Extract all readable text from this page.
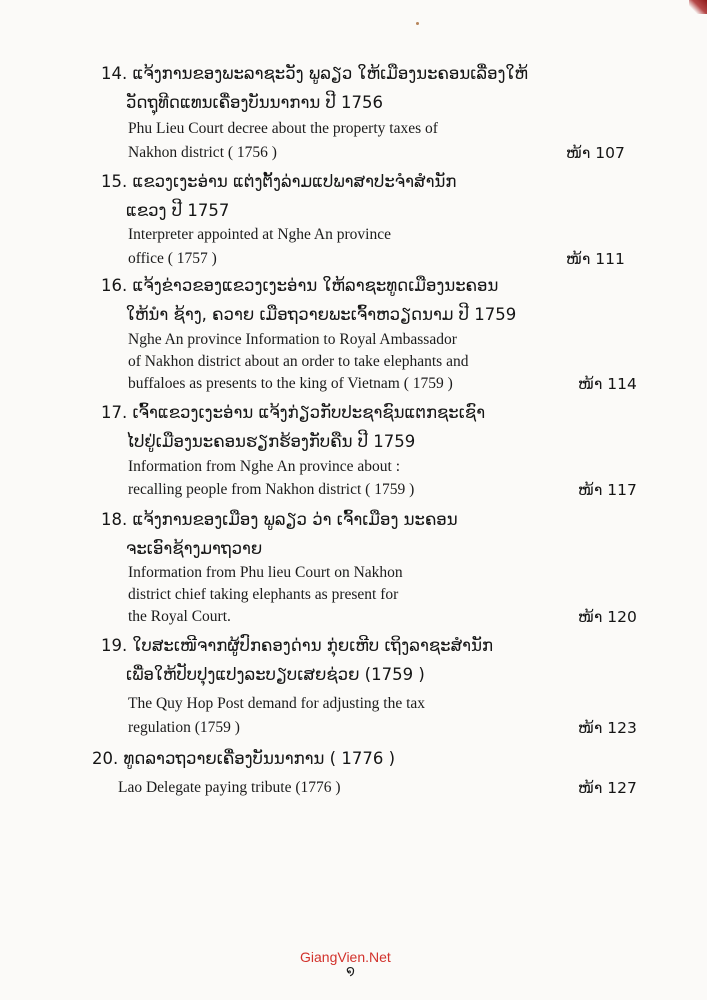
14. ແຈ້ງການຂອງພະລາຊະວັງ ພູລຽວ ໃຫ້ເມືອງນະຄອນເລື່ອງໃຫ້
ວັດຖຸທີດແທນເຄື່ອງບັນນາການ ປີ 1756
Phu Lieu Court decree about the property taxes of
Nakhon district ( 1756 )	ໜ້າ 107
15. ແຂວງເງະອ່ານ ແຕ່ງຕັ້ງລ່າມແປພາສາປະຈຳສຳນັກ
ແຂວງ ປີ 1757
Interpreter appointed at Nghe An province
office ( 1757 )	ໜ້າ 111
16. ແຈ້ງຂ່າວຂອງແຂວງເງະອ່ານ ໃຫ້ລາຊະທູດເມືອງນະຄອນ
ໃຫ້ນຳ ຊ້າງ, ຄວາຍ ເມືອຖວາຍພະເຈົ້າຫວຽດນາມ ປີ 1759
Nghe An province Information to Royal Ambassador
of Nakhon district about an order to take elephants and
buffaloes as presents to the king of Vietnam ( 1759 )	ໜ້າ 114
17. ເຈົ້າແຂວງເງະອ່ານ ແຈ້ງກ່ຽວກັບປະຊາຊົນແຕກຊະເຊົາ
ໄປຢູ່ເມືອງນະຄອນຮຽກຮ້ອງກັບຄືນ ປີ 1759
Information from Nghe An province about :
recalling people from Nakhon district ( 1759 )	ໜ້າ 117
18. ແຈ້ງການຂອງເມືອງ ພູລຽວ ວ່າ ເຈົ້າເມືອງ ນະຄອນ
ຈະເອົາຊ້າງມາຖວາຍ
Information from Phu lieu Court on Nakhon
district chief taking elephants as present for
the Royal Court.	ໜ້າ 120
19. ໃບສະເໜີຈາກຜູ້ປົກຄອງດ່ານ ກຸ່ຍເຫີບ ເຖິງລາຊະສຳນັກ
ເພື່ອໃຫ້ປັບປຸງແປງລະບຽບເສຍຊ່ວຍ (1759 )
The Quy Hop Post demand for adjusting the tax
regulation (1759 )	ໜ້າ 123
20. ທູດລາວຖວາຍເຄື່ອງບັນນາການ ( 1776 )
Lao Delegate paying tribute (1776 )	ໜ້າ 127
GiangVien.Net
໑
